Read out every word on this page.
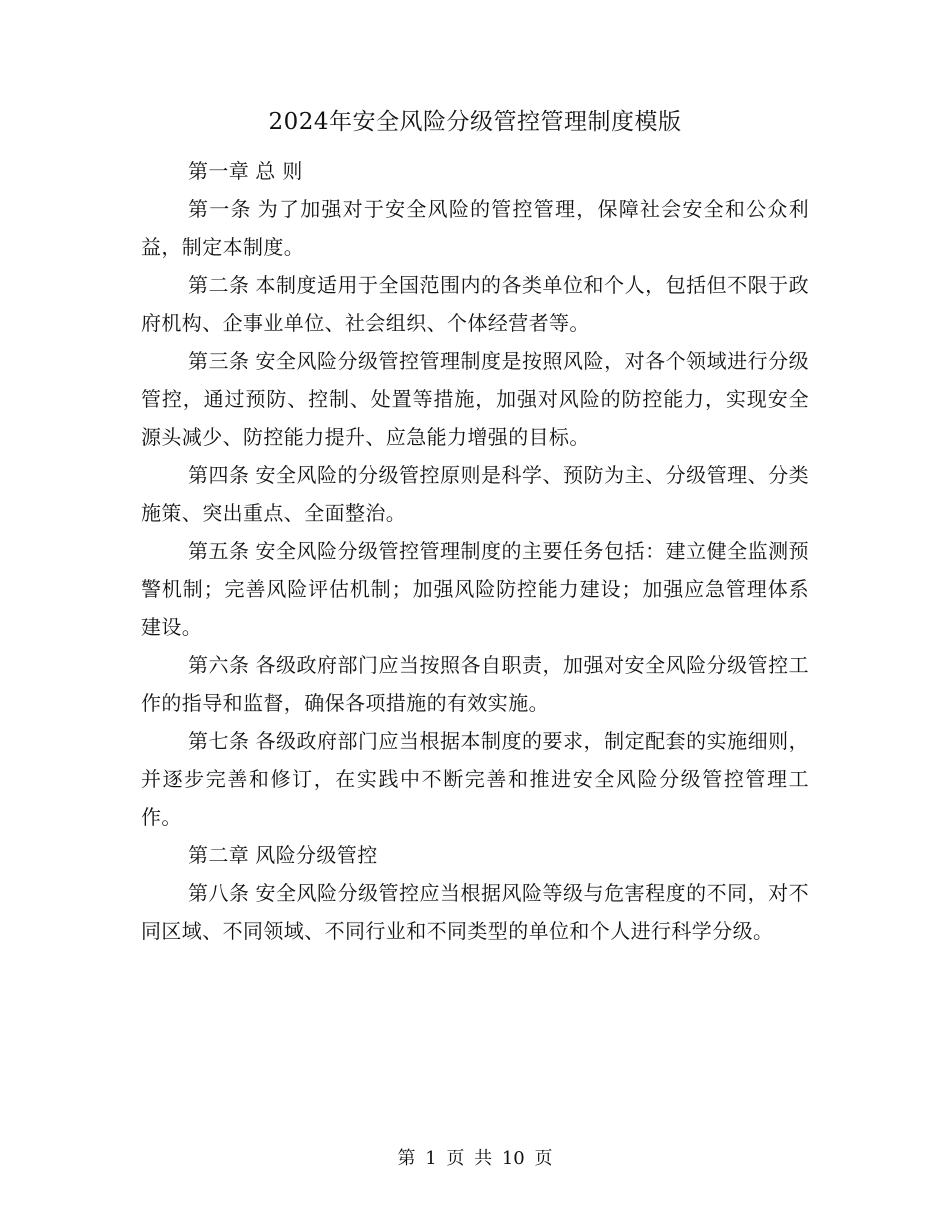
2024年安全风险分级管控管理制度模版

第一章 总 则

第一条 为了加强对于安全风险的管控管理，保障社会安全和公众利益，制定本制度。

第二条 本制度适用于全国范围内的各类单位和个人，包括但不限于政府机构、企事业单位、社会组织、个体经营者等。

第三条 安全风险分级管控管理制度是按照风险，对各个领域进行分级管控，通过预防、控制、处置等措施，加强对风险的防控能力，实现安全源头减少、防控能力提升、应急能力增强的目标。

第四条 安全风险的分级管控原则是科学、预防为主、分级管理、分类施策、突出重点、全面整治。

第五条 安全风险分级管控管理制度的主要任务包括：建立健全监测预警机制；完善风险评估机制；加强风险防控能力建设；加强应急管理体系建设。

第六条 各级政府部门应当按照各自职责，加强对安全风险分级管控工作的指导和监督，确保各项措施的有效实施。

第七条 各级政府部门应当根据本制度的要求，制定配套的实施细则，并逐步完善和修订，在实践中不断完善和推进安全风险分级管控管理工作。

第二章 风险分级管控

第八条 安全风险分级管控应当根据风险等级与危害程度的不同，对不同区域、不同领域、不同行业和不同类型的单位和个人进行科学分级。

第 1 页 共 10 页
